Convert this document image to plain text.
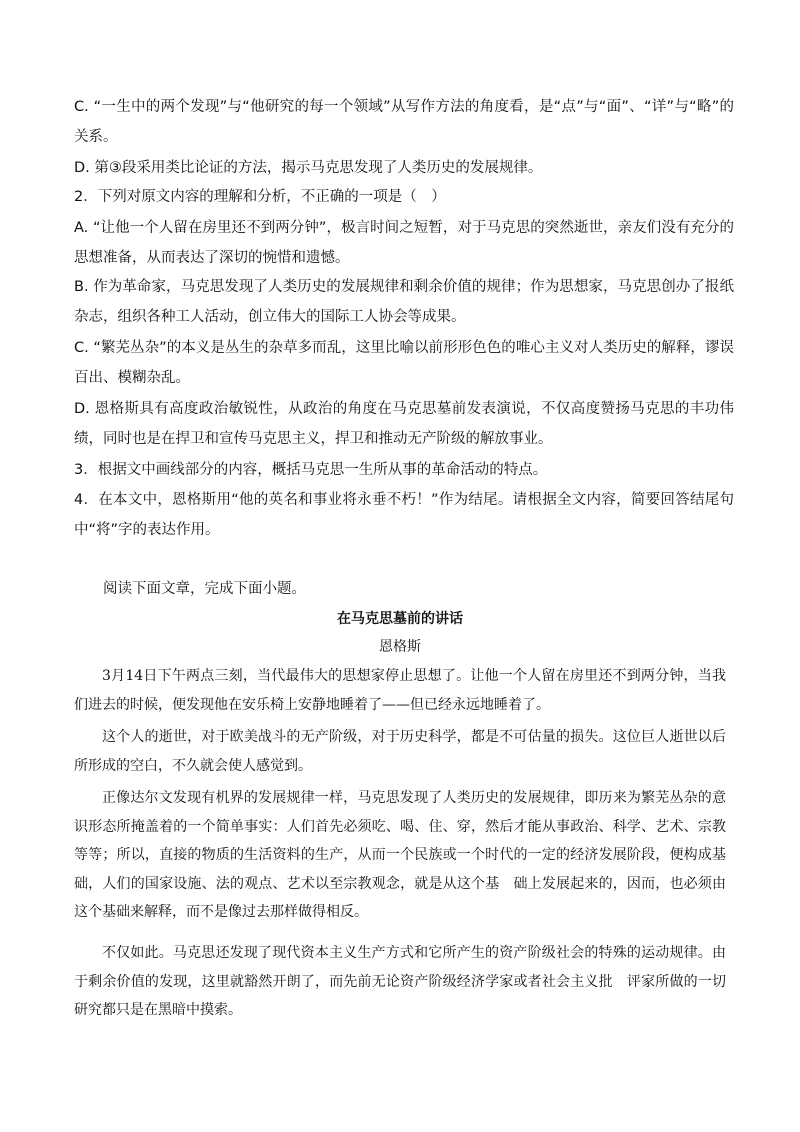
C. “一生中的两个发现”与“他研究的每一个领域”从写作方法的角度看，是“点”与“面”、“详”与“略”的关系。

D. 第③段采用类比论证的方法，揭示马克思发现了人类历史的发展规律。

2．下列对原文内容的理解和分析，不正确的一项是（　）

A. “让他一个人留在房里还不到两分钟”，极言时间之短暂，对于马克思的突然逝世，亲友们没有充分的思想准备，从而表达了深切的惋惜和遗憾。

B. 作为革命家，马克思发现了人类历史的发展规律和剩余价值的规律；作为思想家，马克思创办了报纸杂志，组织各种工人活动，创立伟大的国际工人协会等成果。

C. “繁芜丛杂”的本义是丛生的杂草多而乱，这里比喻以前形形色色的唯心主义对人类历史的解释，谬误百出、模糊杂乱。

D. 恩格斯具有高度政治敏锐性，从政治的角度在马克思墓前发表演说，不仅高度赞扬马克思的丰功伟绩，同时也是在捍卫和宣传马克思主义，捍卫和推动无产阶级的解放事业。

3．根据文中画线部分的内容，概括马克思一生所从事的革命活动的特点。

4．在本文中，恩格斯用“他的英名和事业将永垂不朽！”作为结尾。请根据全文内容，简要回答结尾句中“将”字的表达作用。

阅读下面文章，完成下面小题。

在马克思墓前的讲话

恩格斯

3月14日下午两点三刻，当代最伟大的思想家停止思想了。让他一个人留在房里还不到两分钟，当我们进去的时候，便发现他在安乐椅上安静地睡着了——但已经永远地睡着了。

这个人的逝世，对于欧美战斗的无产阶级，对于历史科学，都是不可估量的损失。这位巨人逝世以后所形成的空白，不久就会使人感觉到。

正像达尔文发现有机界的发展规律一样，马克思发现了人类历史的发展规律，即历来为繁芜丛杂的意识形态所掩盖着的一个简单事实：人们首先必须吃、喝、住、穿，然后才能从事政治、科学、艺术、宗教等等；所以，直接的物质的生活资料的生产，从而一个民族或一个时代的一定的经济发展阶段，便构成基础，人们的国家设施、法的观点、艺术以至宗教观念，就是从这个基　础上发展起来的，因而，也必须由这个基础来解释，而不是像过去那样做得相反。

不仅如此。马克思还发现了现代资本主义生产方式和它所产生的资产阶级社会的特殊的运动规律。由于剩余价值的发现，这里就豁然开朗了，而先前无论资产阶级经济学家或者社会主义批　评家所做的一切研究都只是在黑暗中摸索。
